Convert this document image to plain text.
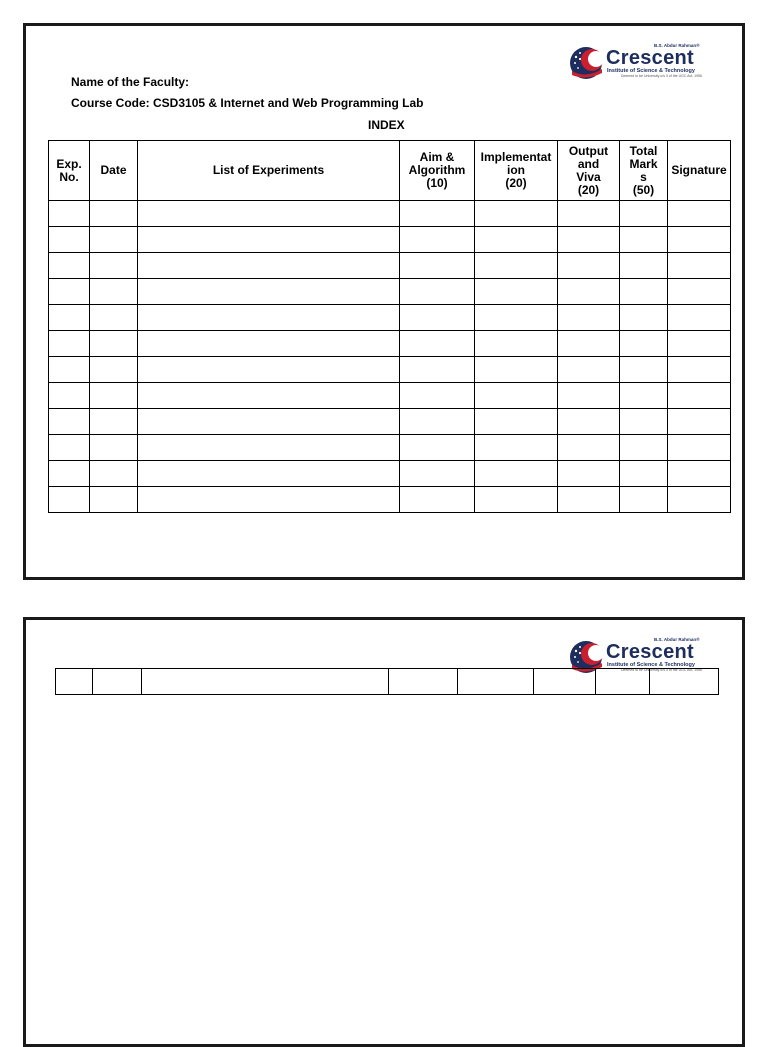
B.S. Abdur Rahman®
Crescent
Institute of Science & Technology
Deemed to be University u/s 3 of the UGC Act, 1956
Name of the Faculty:
Course Code: CSD3105 & Internet and Web Programming Lab
INDEX
Exp.
No.	Date	List of Experiments	Aim &
Algorithm
(10)	Implementat
ion
(20)	Output
and
Viva
(20)	Total
Mark
s
(50)	Signature

B.S. Abdur Rahman®
Crescent
Institute of Science & Technology
Deemed to be University u/s 3 of the UGC Act, 1956
